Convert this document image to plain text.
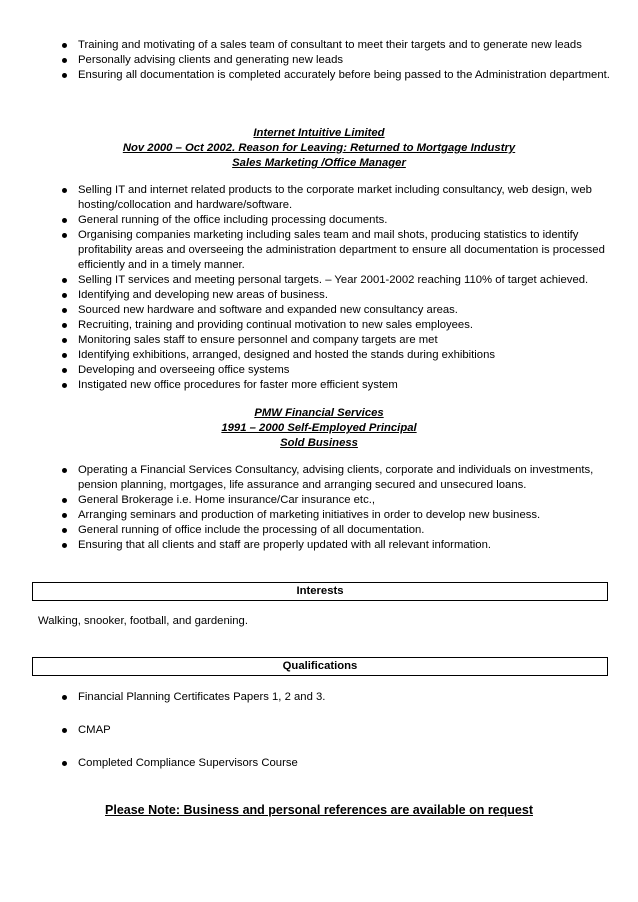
Training and motivating of a sales team of consultant to meet their targets and to generate new leads
Personally advising clients and generating new leads
Ensuring all documentation is completed accurately before being passed to the Administration department.
Internet Intuitive Limited
Nov 2000 – Oct 2002. Reason for Leaving: Returned to Mortgage Industry
Sales Marketing /Office Manager
Selling IT and internet related products to the corporate market including consultancy, web design, web hosting/collocation and hardware/software.
General running of the office including processing documents.
Organising companies marketing including sales team and mail shots, producing statistics to identify profitability areas and overseeing the administration department to ensure all documentation is processed efficiently and in a timely manner.
Selling IT services and meeting personal targets. – Year 2001-2002 reaching 110% of target achieved.
Identifying and developing new areas of business.
Sourced new hardware and software and expanded new consultancy areas.
Recruiting, training and providing continual motivation to new sales employees.
Monitoring sales staff to ensure personnel and company targets are met
Identifying exhibitions, arranged, designed and hosted the stands during exhibitions
Developing and overseeing office systems
Instigated new office procedures for faster more efficient system
PMW Financial Services
1991 – 2000 Self-Employed Principal
Sold Business
Operating a Financial Services Consultancy, advising clients, corporate and individuals on investments, pension planning, mortgages, life assurance and arranging secured and unsecured loans.
General Brokerage i.e. Home insurance/Car insurance etc.,
Arranging seminars and production of marketing initiatives in order to develop new business.
General running of office include the processing of all documentation.
Ensuring that all clients and staff are properly updated with all relevant information.
Interests
Walking, snooker, football, and gardening.
Qualifications
Financial Planning Certificates Papers 1, 2 and 3.
CMAP
Completed Compliance Supervisors Course
Please Note: Business and personal references are available on request
